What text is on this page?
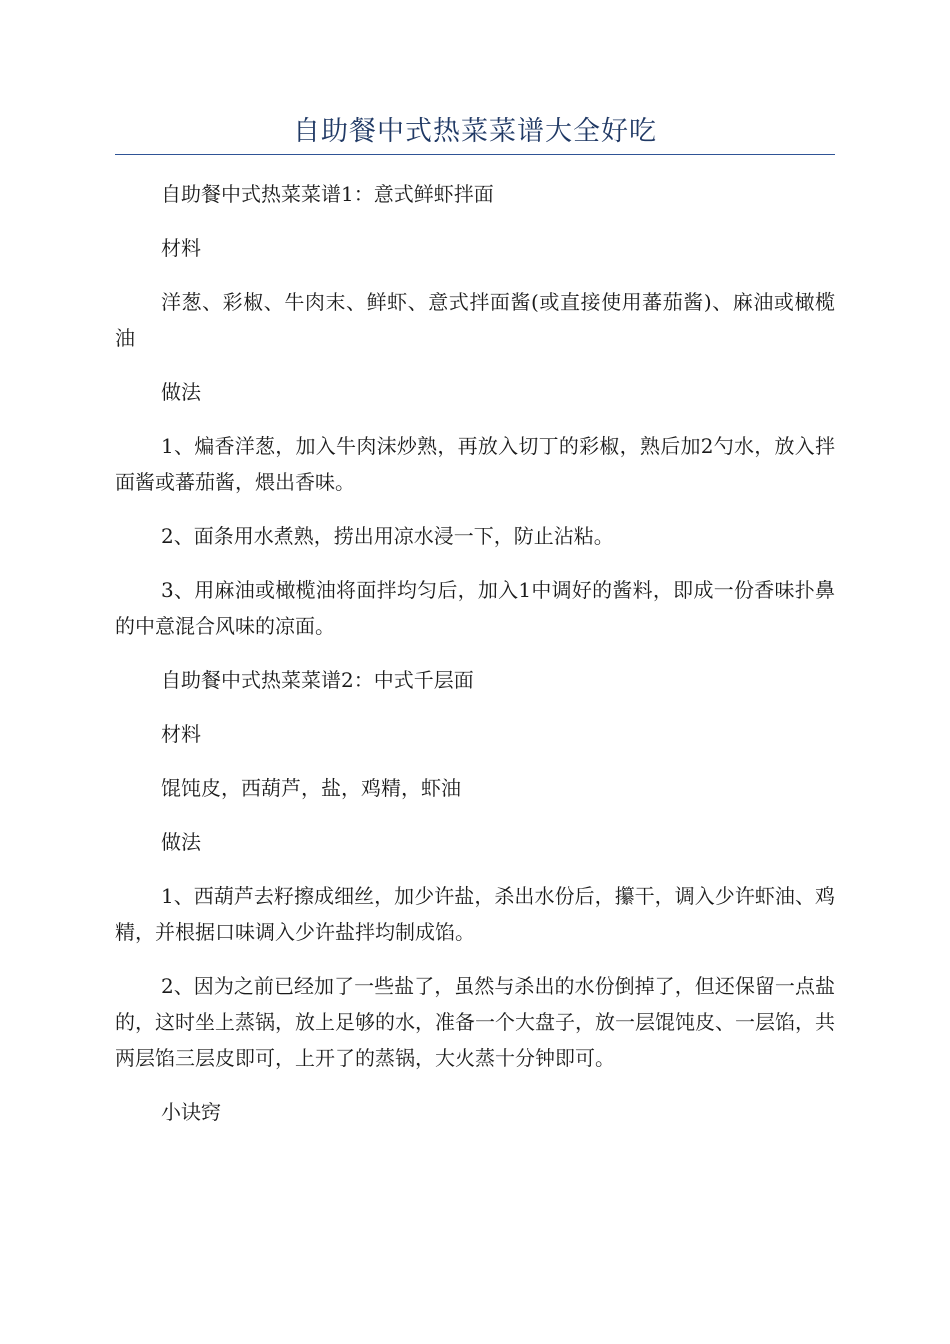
自助餐中式热菜菜谱大全好吃

自助餐中式热菜菜谱1：意式鲜虾拌面

材料

洋葱、彩椒、牛肉末、鲜虾、意式拌面酱(或直接使用蕃茄酱)、麻油或橄榄油

做法

1、煸香洋葱，加入牛肉沫炒熟，再放入切丁的彩椒，熟后加2勺水，放入拌面酱或蕃茄酱，煨出香味。

2、面条用水煮熟，捞出用凉水浸一下，防止沾粘。

3、用麻油或橄榄油将面拌均匀后，加入1中调好的酱料，即成一份香味扑鼻的中意混合风味的凉面。

自助餐中式热菜菜谱2：中式千层面

材料

馄饨皮，西葫芦，盐，鸡精，虾油

做法

1、西葫芦去籽擦成细丝，加少许盐，杀出水份后，攥干，调入少许虾油、鸡精，并根据口味调入少许盐拌均制成馅。

2、因为之前已经加了一些盐了，虽然与杀出的水份倒掉了，但还保留一点盐的，这时坐上蒸锅，放上足够的水，准备一个大盘子，放一层馄饨皮、一层馅，共两层馅三层皮即可，上开了的蒸锅，大火蒸十分钟即可。

小诀窍
